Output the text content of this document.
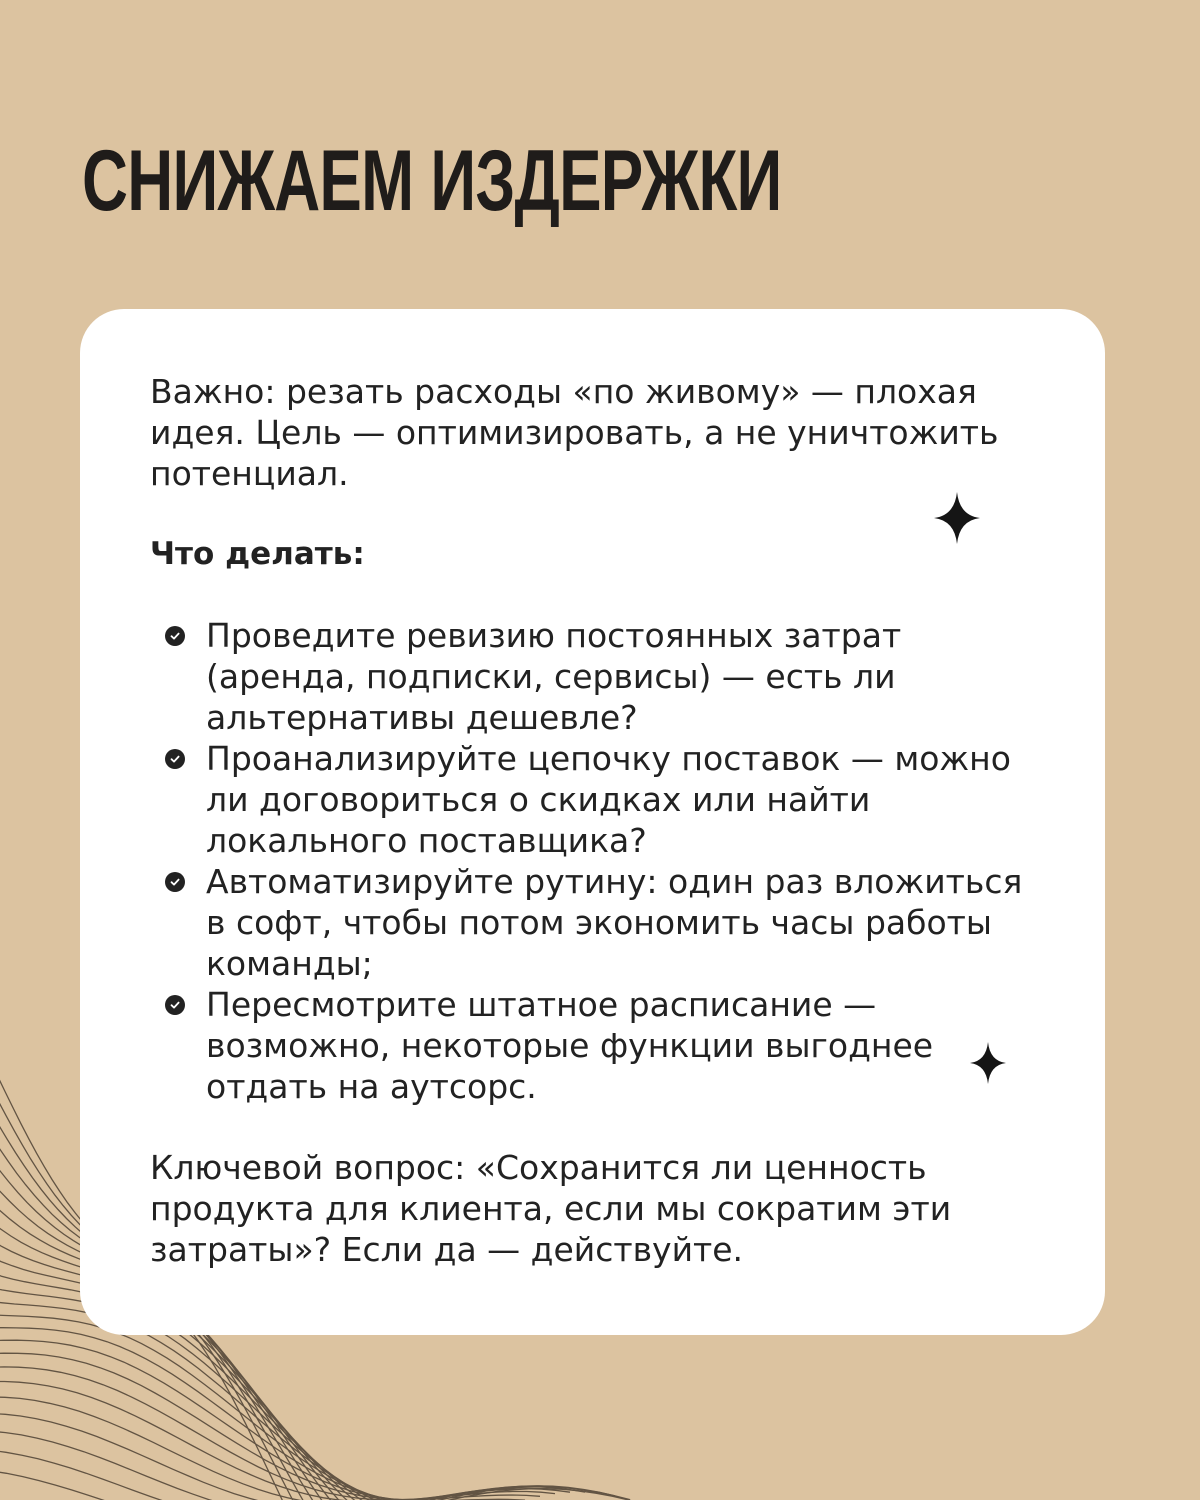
СНИЖАЕМ ИЗДЕРЖКИ

Важно: резать расходы «по живому» — плохая идея. Цель — оптимизировать, а не уничтожить потенциал.

Что делать:

Проведите ревизию постоянных затрат (аренда, подписки, сервисы) — есть ли альтернативы дешевле?
Проанализируйте цепочку поставок — можно ли договориться о скидках или найти локального поставщика?
Автоматизируйте рутину: один раз вложиться в софт, чтобы потом экономить часы работы команды;
Пересмотрите штатное расписание — возможно, некоторые функции выгоднее отдать на аутсорс.

Ключевой вопрос: «Сохранится ли ценность продукта для клиента, если мы сократим эти затраты»? Если да — действуйте.
